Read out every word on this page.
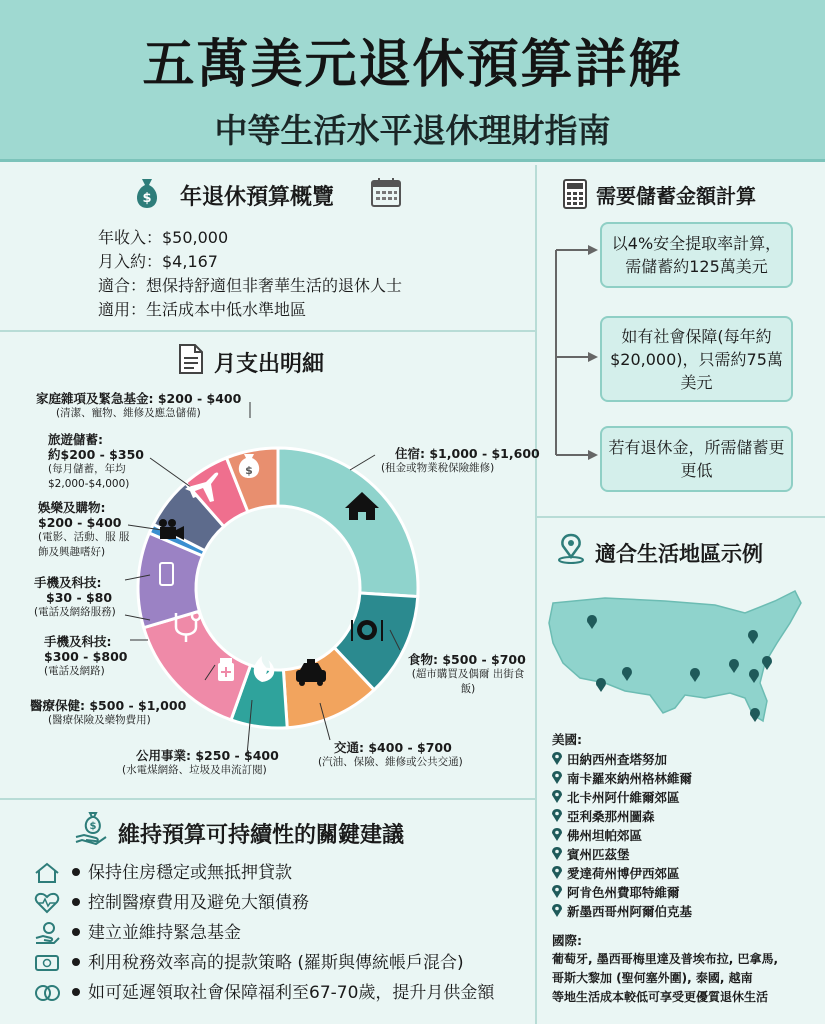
五萬美元退休預算詳解
中等生活水平退休理財指南
$ 年退休預算概覽
年收入：$50,000
月入約：$4,167
適合：想保持舒適但非奢華生活的退休人士
適用：生活成本中低水準地區
月支出明細
$
家庭雜項及緊急基金: $200 - $400
(清潔、寵物、維修及應急儲備)
旅遊儲蓄:
約$200 - $350
(每月儲蓄，年均 $2,000-$4,000)
娛樂及購物:
$200 - $400
(電影、活動、服 服飾及興趣嗜好)
手機及科技:
$30 - $80
(電話及網絡服務)
手機及科技:
$300 - $800
(電話及網路)
醫療保健: $500 - $1,000
(醫療保險及藥物費用)
公用事業: $250 - $400
(水電煤網絡、垃圾及串流訂閱)
交通: $400 - $700
(汽油、保險、維修或公共交通)
食物: $500 - $700
(超市購買及偶爾 出街食飯)
住宿: $1,000 - $1,600
(租金或物業稅保險維修)
需要儲蓄金額計算
以4%安全提取率計算，需儲蓄約125萬美元
如有社會保障(每年約$20,000)，只需約75萬美元
若有退休金，所需儲蓄更更低
適合生活地區示例
美國:
田納西州查塔努加
南卡羅來納州格林維爾
北卡州阿什維爾郊區
亞利桑那州圖森
佛州坦帕郊區
賓州匹茲堡
愛達荷州博伊西郊區
阿肯色州費耶特維爾
新墨西哥州阿爾伯克基
國際:
葡萄牙, 墨西哥梅里達及普埃布拉, 巴拿馬,
哥斯大黎加 (聖何塞外圍), 泰國, 越南
等地生活成本較低可享受更優質退休生活
$ 維持預算可持續性的關鍵建議
保持住房穩定或無抵押貸款
控制醫療費用及避免大額債務
建立並維持緊急基金
利用稅務效率高的提款策略 (羅斯與傳統帳戶混合)
如可延遲領取社會保障福利至67-70歲，提升月供金額
